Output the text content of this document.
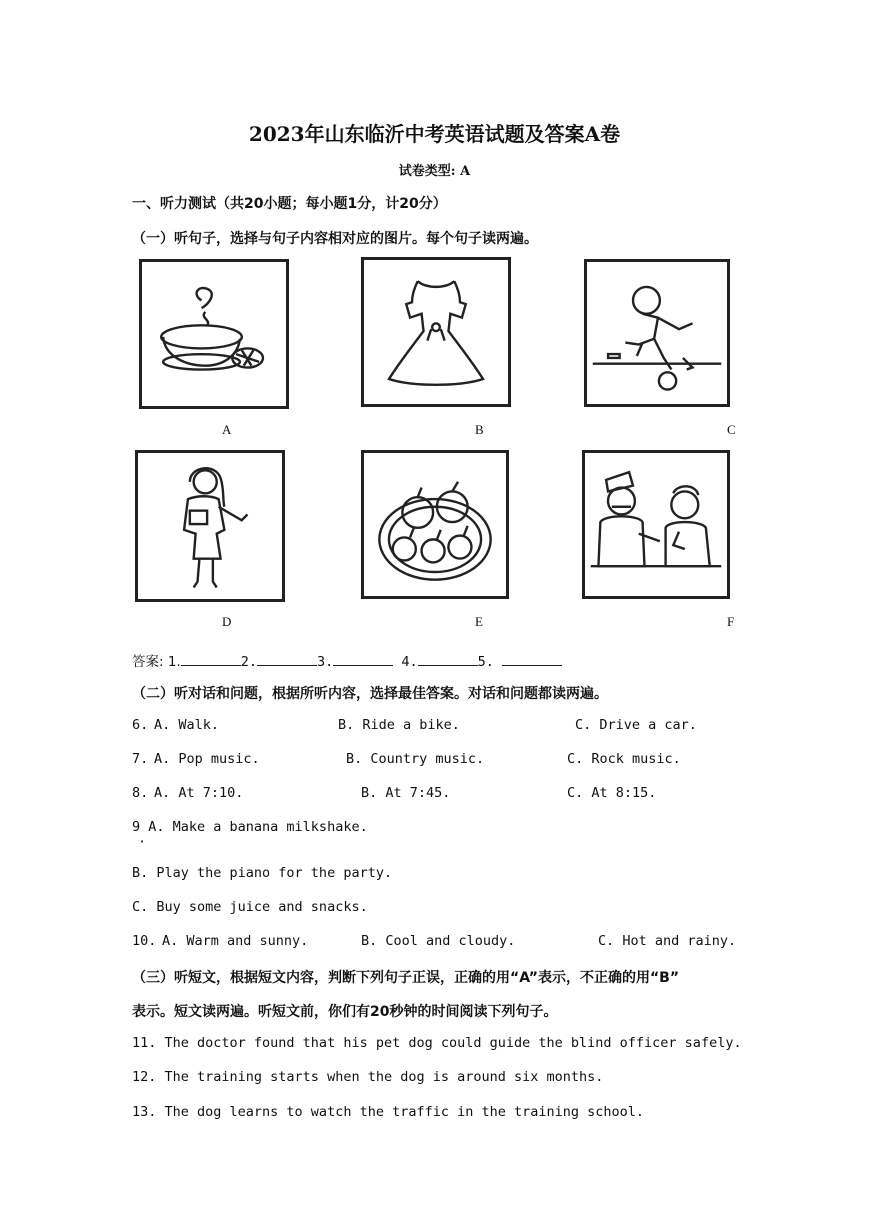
2023年山东临沂中考英语试题及答案A卷
试卷类型: A
一、听力测试（共20小题；每小题1分，计20分）
（一）听句子，选择与句子内容相对应的图片。每个句子读两遍。
A	B	C
D	E	F
答案: 1.	2.	3.	4.	5.
（二）听对话和问题，根据所听内容，选择最佳答案。对话和问题都读两遍。
6. A. Walk.	B. Ride a bike.	C. Drive a car.
7. A. Pop music.	B. Country music.	C. Rock music.
8. A. At 7:10.	B. At 7:45.	C. At 8:15.
9 A. Make a banana milkshake.
·
B. Play the piano for the party.
C. Buy some juice and snacks.
10. A. Warm and sunny.	B. Cool and cloudy.	C. Hot and rainy.
（三）听短文，根据短文内容，判断下列句子正误，正确的用“A”表示，不正确的用“B”
表示。短文读两遍。听短文前，你们有20秒钟的时间阅读下列句子。
11. The doctor found that his pet dog could guide the blind officer safely.
12. The training starts when the dog is around six months.
13. The dog learns to watch the traffic in the training school.
